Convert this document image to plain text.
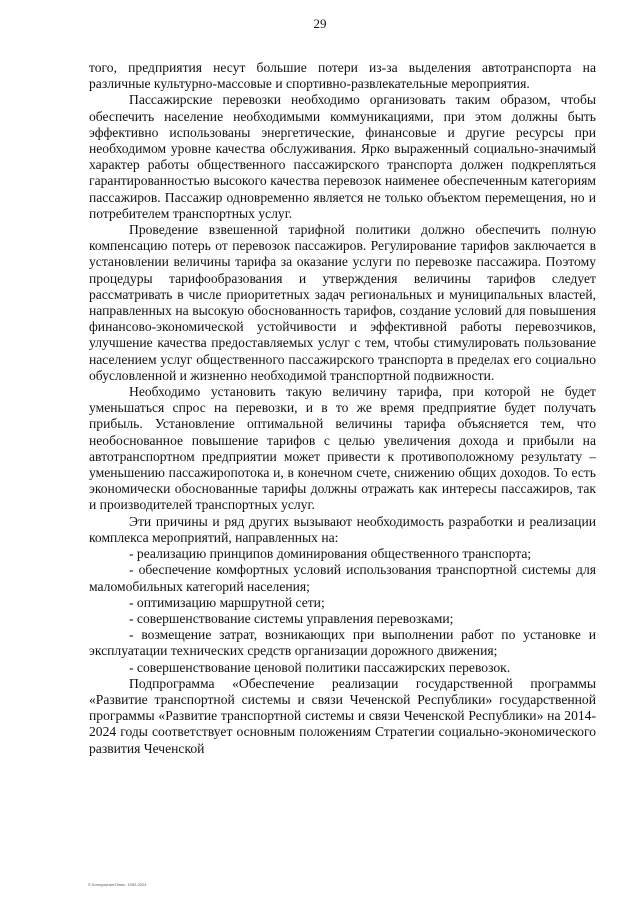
29

того, предприятия несут большие потери из-за выделения автотранспорта на различные культурно-массовые и спортивно-развлекательные мероприятия.

Пассажирские перевозки необходимо организовать таким образом, чтобы обеспечить население необходимыми коммуникациями, при этом должны быть эффективно использованы энергетические, финансовые и другие ресурсы при необходимом уровне качества обслуживания. Ярко выраженный социально-значимый характер работы общественного пассажирского транспорта должен подкрепляться гарантированностью высокого качества перевозок наименее обеспеченным категориям пассажиров. Пассажир одновременно является не только объектом перемещения, но и потребителем транспортных услуг.

Проведение взвешенной тарифной политики должно обеспечить полную компенсацию потерь от перевозок пассажиров. Регулирование тарифов заключается в установлении величины тарифа за оказание услуги по перевозке пассажира. Поэтому процедуры тарифообразования и утверждения величины тарифов следует рассматривать в числе приоритетных задач региональных и муниципальных властей, направленных на высокую обоснованность тарифов, создание условий для повышения финансово-экономической устойчивости и эффективной работы перевозчиков, улучшение качества предоставляемых услуг с тем, чтобы стимулировать пользование населением услуг общественного пассажирского транспорта в пределах его социально обусловленной и жизненно необходимой транспортной подвижности.

Необходимо установить такую величину тарифа, при которой не будет уменьшаться спрос на перевозки, и в то же время предприятие будет получать прибыль. Установление оптимальной величины тарифа объясняется тем, что необоснованное повышение тарифов с целью увеличения дохода и прибыли на автотранспортном предприятии может привести к противоположному результату – уменьшению пассажиропотока и, в конечном счете, снижению общих доходов. То есть экономически обоснованные тарифы должны отражать как интересы пассажиров, так и производителей транспортных услуг.

Эти причины и ряд других вызывают необходимость разработки и реализации комплекса мероприятий, направленных на:

- реализацию принципов доминирования общественного транспорта;

- обеспечение комфортных условий использования транспортной системы для маломобильных категорий населения;

- оптимизацию маршрутной сети;

- совершенствование системы управления перевозками;

- возмещение затрат, возникающих при выполнении работ по установке и эксплуатации технических средств организации дорожного движения;

- совершенствование ценовой политики пассажирских перевозок.

Подпрограмма «Обеспечение реализации государственной программы «Развитие транспортной системы и связи Чеченской Республики» государственной программы «Развитие транспортной системы и связи Чеченской Республики» на 2014-2024 годы соответствует основным положениям Стратегии социально-экономического развития Чеченской

© КонсультантПлюс, 1992-2024
